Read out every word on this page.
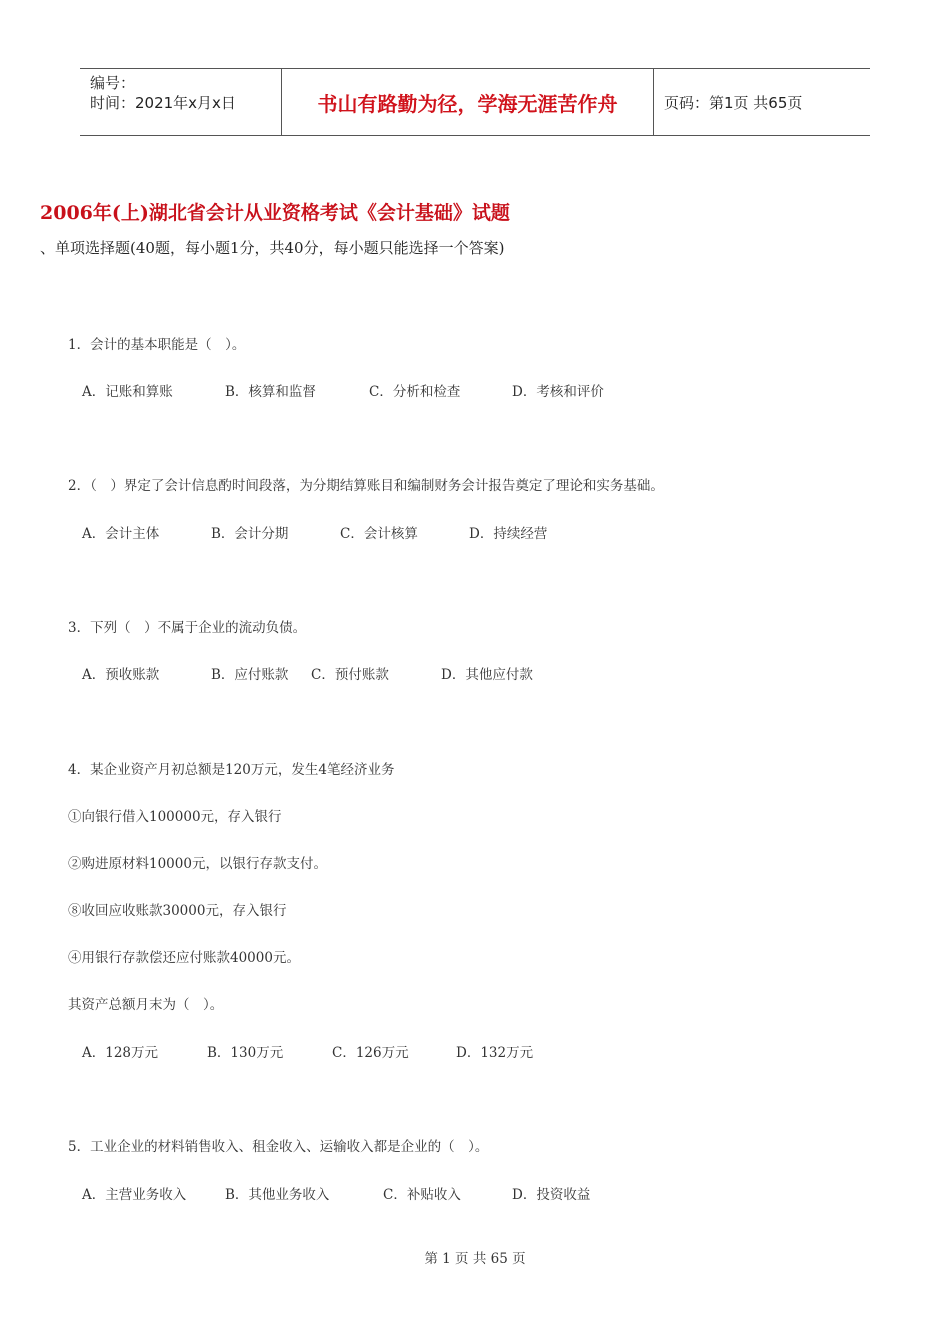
编号：
时间：2021年x月x日	书山有路勤为径，学海无涯苦作舟	页码：第1页 共65页
2006年(上)湖北省会计从业资格考试《会计基础》试题

、单项选择题(40题，每小题1分，共40分，每小题只能选择一个答案)

1．会计的基本职能是（　）。
A．记账和算账	B．核算和监督	C．分析和检查	D．考核和评价
2．（　）界定了会计信息酌时间段落，为分期结算账目和编制财务会计报告奠定了理论和实务基础。
A．会计主体	B．会计分期	C．会计核算	D．持续经营
3．下列（　）不属于企业的流动负债。
A．预收账款	B．应付账款 C．预付账款	D．其他应付款
4．某企业资产月初总额是120万元，发生4笔经济业务
①向银行借入100000元，存入银行
②购进原材料10000元，以银行存款支付。
⑧收回应收账款30000元，存入银行
④用银行存款偿还应付账款40000元。
其资产总额月末为（　）。
A．128万元	B．130万元	C．126万元	D．132万元
5．工业企业的材料销售收入、租金收入、运输收入都是企业的（　）。
A．主营业务收入	B．其他业务收入	C．补贴收入	D．投资收益
第 1 页 共 65 页
